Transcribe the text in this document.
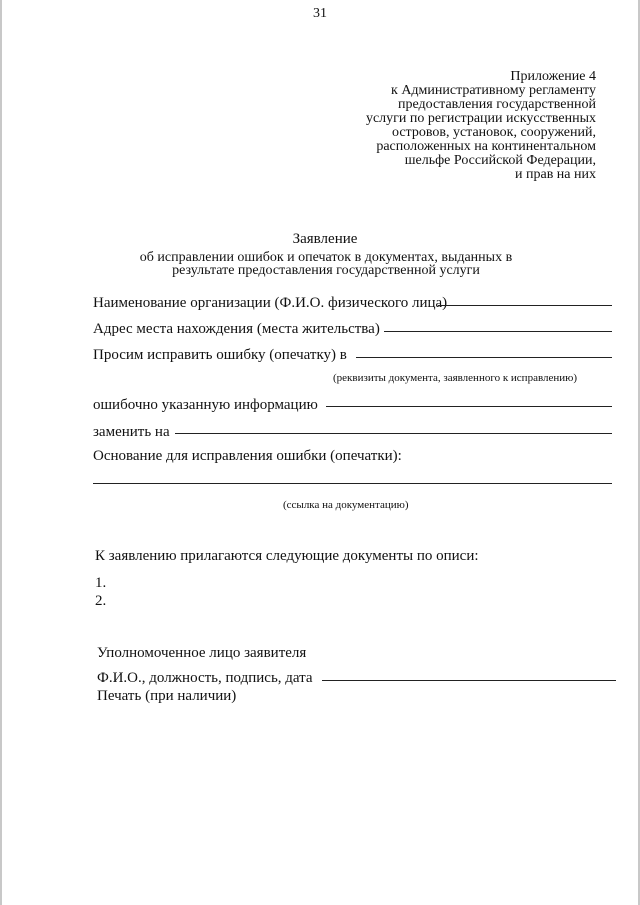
31
Приложение 4
к Административному регламенту
предоставления государственной
услуги по регистрации искусственных
островов, установок, сооружений,
расположенных на континентальном
шельфе Российской Федерации,
и прав на них
Заявление
об исправлении ошибок и опечаток в документах, выданных в
результате предоставления государственной услуги
Наименование организации (Ф.И.О. физического лица)
Адрес места нахождения (места жительства)
Просим исправить ошибку (опечатку) в
(реквизиты документа, заявленного к исправлению)
ошибочно указанную информацию
заменить на
Основание для исправления ошибки (опечатки):
(ссылка на документацию)
К заявлению прилагаются следующие документы по описи:
1.
2.
Уполномоченное лицо заявителя
Ф.И.О., должность, подпись, дата
Печать (при наличии)
